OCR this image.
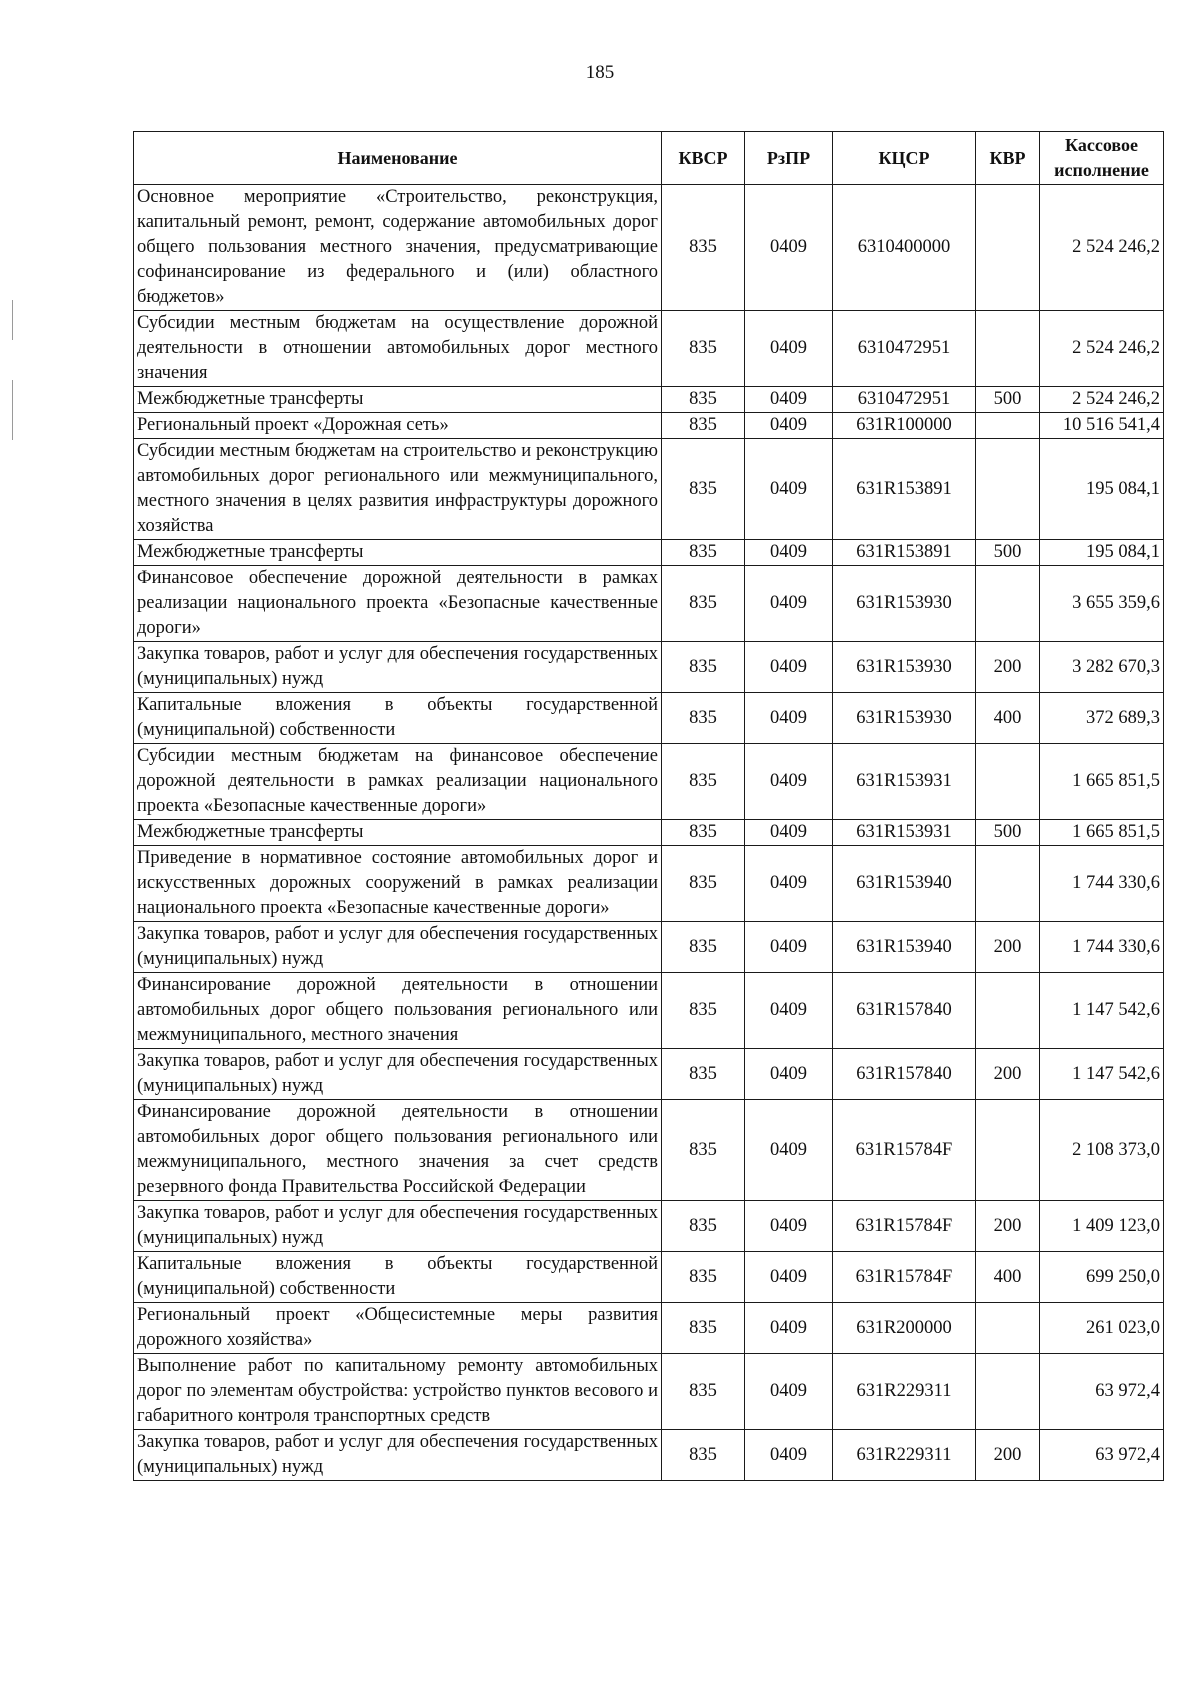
185
Наименование	КВСР	РзПР	КЦСР	КВР	Кассовое исполнение
Основное мероприятие «Строительство, реконструкция, капитальный ремонт, ремонт, содержание автомобильных дорог общего пользования местного значения, предусматривающие софинансирование из федерального и (или) областного бюджетов»	835	0409	6310400000		2 524 246,2
Субсидии местным бюджетам на осуществление дорожной деятельности в отношении автомобильных дорог местного значения	835	0409	6310472951		2 524 246,2
Межбюджетные трансферты	835	0409	6310472951	500	2 524 246,2
Региональный проект «Дорожная сеть»	835	0409	631R100000		10 516 541,4
Субсидии местным бюджетам на строительство и реконструкцию автомобильных дорог регионального или межмуниципального, местного значения в целях развития инфраструктуры дорожного хозяйства	835	0409	631R153891		195 084,1
Межбюджетные трансферты	835	0409	631R153891	500	195 084,1
Финансовое обеспечение дорожной деятельности в рамках реализации национального проекта «Безопасные качественные дороги»	835	0409	631R153930		3 655 359,6
Закупка товаров, работ и услуг для обеспечения государственных (муниципальных) нужд	835	0409	631R153930	200	3 282 670,3
Капитальные вложения в объекты государственной (муниципальной) собственности	835	0409	631R153930	400	372 689,3
Субсидии местным бюджетам на финансовое обеспечение дорожной деятельности в рамках реализации национального проекта «Безопасные качественные дороги»	835	0409	631R153931		1 665 851,5
Межбюджетные трансферты	835	0409	631R153931	500	1 665 851,5
Приведение в нормативное состояние автомобильных дорог и искусственных дорожных сооружений в рамках реализации национального проекта «Безопасные качественные дороги»	835	0409	631R153940		1 744 330,6
Закупка товаров, работ и услуг для обеспечения государственных (муниципальных) нужд	835	0409	631R153940	200	1 744 330,6
Финансирование дорожной деятельности в отношении автомобильных дорог общего пользования регионального или межмуниципального, местного значения	835	0409	631R157840		1 147 542,6
Закупка товаров, работ и услуг для обеспечения государственных (муниципальных) нужд	835	0409	631R157840	200	1 147 542,6
Финансирование дорожной деятельности в отношении автомобильных дорог общего пользования регионального или межмуниципального, местного значения за счет средств резервного фонда Правительства Российской Федерации	835	0409	631R15784F		2 108 373,0
Закупка товаров, работ и услуг для обеспечения государственных (муниципальных) нужд	835	0409	631R15784F	200	1 409 123,0
Капитальные вложения в объекты государственной (муниципальной) собственности	835	0409	631R15784F	400	699 250,0
Региональный проект «Общесистемные меры развития дорожного хозяйства»	835	0409	631R200000		261 023,0
Выполнение работ по капитальному ремонту автомобильных дорог по элементам обустройства: устройство пунктов весового и габаритного контроля транспортных средств	835	0409	631R229311		63 972,4
Закупка товаров, работ и услуг для обеспечения государственных (муниципальных) нужд	835	0409	631R229311	200	63 972,4
